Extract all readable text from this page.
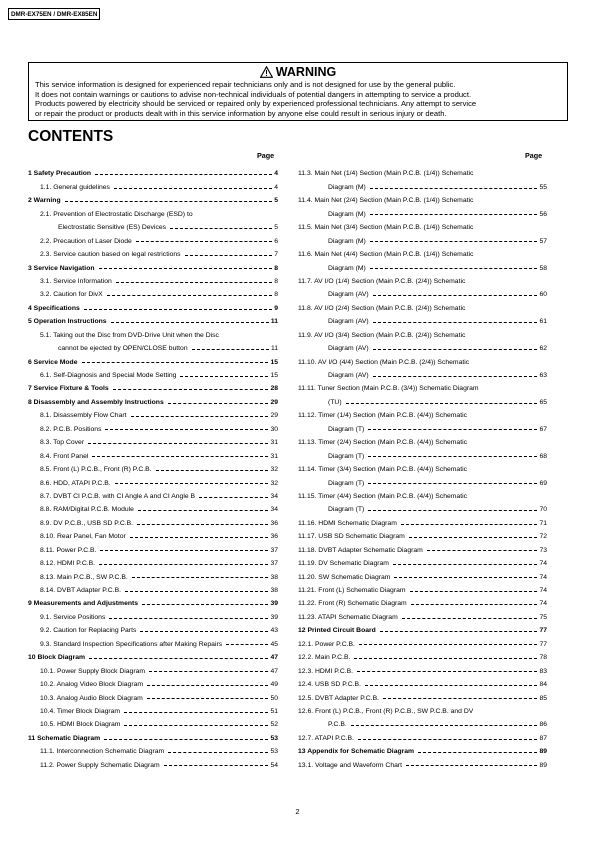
DMR-EX75EN / DMR-EX85EN
WARNING
This service information is designed for experienced repair technicians only and is not designed for use by the general public.
It does not contain warnings or cautions to advise non-technical individuals of potential dangers in attempting to service a product.
Products powered by electricity should be serviced or repaired only by experienced professional technicians. Any attempt to service
or repair the product or products dealt with in this service information by anyone else could result in serious injury or death.
CONTENTS
Page	Page
1 Safety Precaution	4
1.1. General guidelines	4
2 Warning	5
2.1. Prevention of Electrostatic Discharge (ESD) to
Electrostatic Sensitive (ES) Devices	5
2.2. Precaution of Laser Diode	6
2.3. Service caution based on legal restrictions	7
3 Service Navigation	8
3.1. Service Information	8
3.2. Caution for DivX	8
4 Specifications	9
5 Operation Instructions	11
5.1. Taking out the Disc from DVD-Drive Unit when the Disc
cannot be ejected by OPEN/CLOSE button	11
6 Service Mode	15
6.1. Self-Diagnosis and Special Mode Setting	15
7 Service Fixture & Tools	28
8 Disassembly and Assembly Instructions	29
8.1. Disassembly Flow Chart	29
8.2. P.C.B. Positions	30
8.3. Top Cover	31
8.4. Front Panel	31
8.5. Front (L) P.C.B., Front (R) P.C.B.	32
8.6. HDD, ATAPI P.C.B.	32
8.7. DVBT CI P.C.B. with CI Angle A and CI Angle B	34
8.8. RAM/Digital P.C.B. Module	34
8.9. DV P.C.B., USB SD P.C.B.	36
8.10. Rear Panel, Fan Motor	36
8.11. Power P.C.B.	37
8.12. HDMI P.C.B.	37
8.13. Main P.C.B., SW P.C.B.	38
8.14. DVBT Adapter P.C.B.	38
9 Measurements and Adjustments	39
9.1. Service Positions	39
9.2. Caution for Replacing Parts	43
9.3. Standard Inspection Specifications after Making Repairs	45
10 Block Diagram	47
10.1. Power Supply Block Diagram	47
10.2. Analog Video Block Diagram	49
10.3. Analog Audio Block Diagram	50
10.4. Timer Block Diagram	51
10.5. HDMI Block Diagram	52
11 Schematic Diagram	53
11.1. Interconnection Schematic Diagram	53
11.2. Power Supply Schematic Diagram	54
11.3. Main Net (1/4) Section (Main P.C.B. (1/4)) Schematic
Diagram (M)	55
11.4. Main Net (2/4) Section (Main P.C.B. (1/4)) Schematic
Diagram (M)	56
11.5. Main Net (3/4) Section (Main P.C.B. (1/4)) Schematic
Diagram (M)	57
11.6. Main Net (4/4) Section (Main P.C.B. (1/4)) Schematic
Diagram (M)	58
11.7. AV I/O (1/4) Section (Main P.C.B. (2/4)) Schematic
Diagram (AV)	60
11.8. AV I/O (2/4) Section (Main P.C.B. (2/4)) Schematic
Diagram (AV)	61
11.9. AV I/O (3/4) Section (Main P.C.B. (2/4)) Schematic
Diagram (AV)	62
11.10. AV I/O (4/4) Section (Main P.C.B. (2/4)) Schematic
Diagram (AV)	63
11.11. Tuner Section (Main P.C.B. (3/4)) Schematic Diagram
(TU)	65
11.12. Timer (1/4) Section (Main P.C.B. (4/4)) Schematic
Diagram (T)	67
11.13. Timer (2/4) Section (Main P.C.B. (4/4)) Schematic
Diagram (T)	68
11.14. Timer (3/4) Section (Main P.C.B. (4/4)) Schematic
Diagram (T)	69
11.15. Timer (4/4) Section (Main P.C.B. (4/4)) Schematic
Diagram (T)	70
11.16. HDMI Schematic Diagram	71
11.17. USB SD Schematic Diagram	72
11.18. DVBT Adapter Schematic Diagram	73
11.19. DV Schematic Diagram	74
11.20. SW Schematic Diagram	74
11.21. Front (L) Schematic Diagram	74
11.22. Front (R) Schematic Diagram	74
11.23. ATAPI Schematic Diagram	75
12 Printed Circuit Board	77
12.1. Power P.C.B.	77
12.2. Main P.C.B.	78
12.3. HDMI P.C.B.	83
12.4. USB SD P.C.B.	84
12.5. DVBT Adapter P.C.B.	85
12.6. Front (L) P.C.B., Front (R) P.C.B., SW P.C.B. and DV
P.C.B.	86
12.7. ATAPI P.C.B.	87
13 Appendix for Schematic Diagram	89
13.1. Voltage and Waveform Chart	89
2
